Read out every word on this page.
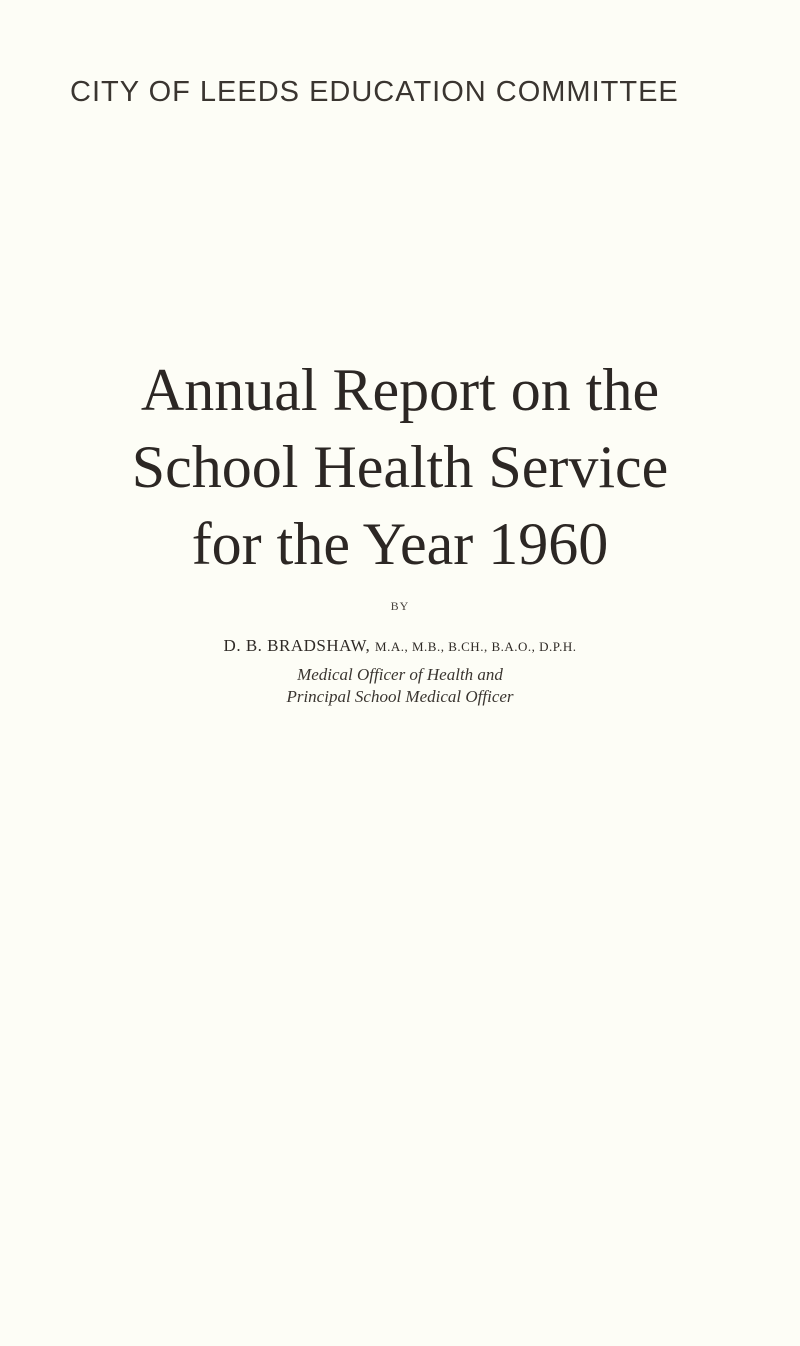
CITY OF LEEDS EDUCATION COMMITTEE
Annual Report on the
School Health Service
for the Year 1960
BY
D. B. BRADSHAW, M.A., M.B., B.CH., B.A.O., D.P.H.
Medical Officer of Health and
Principal School Medical Officer
